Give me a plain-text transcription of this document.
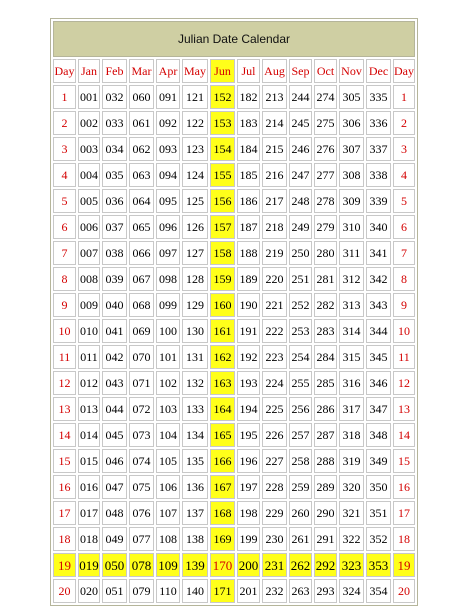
Julian Date Calendar													
Day	Jan	Feb	Mar	Apr	May	Jun	Jul	Aug	Sep	Oct	Nov	Dec	Day
1	001	032	060	091	121	152	182	213	244	274	305	335	1
2	002	033	061	092	122	153	183	214	245	275	306	336	2
3	003	034	062	093	123	154	184	215	246	276	307	337	3
4	004	035	063	094	124	155	185	216	247	277	308	338	4
5	005	036	064	095	125	156	186	217	248	278	309	339	5
6	006	037	065	096	126	157	187	218	249	279	310	340	6
7	007	038	066	097	127	158	188	219	250	280	311	341	7
8	008	039	067	098	128	159	189	220	251	281	312	342	8
9	009	040	068	099	129	160	190	221	252	282	313	343	9
10	010	041	069	100	130	161	191	222	253	283	314	344	10
11	011	042	070	101	131	162	192	223	254	284	315	345	11
12	012	043	071	102	132	163	193	224	255	285	316	346	12
13	013	044	072	103	133	164	194	225	256	286	317	347	13
14	014	045	073	104	134	165	195	226	257	287	318	348	14
15	015	046	074	105	135	166	196	227	258	288	319	349	15
16	016	047	075	106	136	167	197	228	259	289	320	350	16
17	017	048	076	107	137	168	198	229	260	290	321	351	17
18	018	049	077	108	138	169	199	230	261	291	322	352	18
19	019	050	078	109	139	170	200	231	262	292	323	353	19
20	020	051	079	110	140	171	201	232	263	293	324	354	20
